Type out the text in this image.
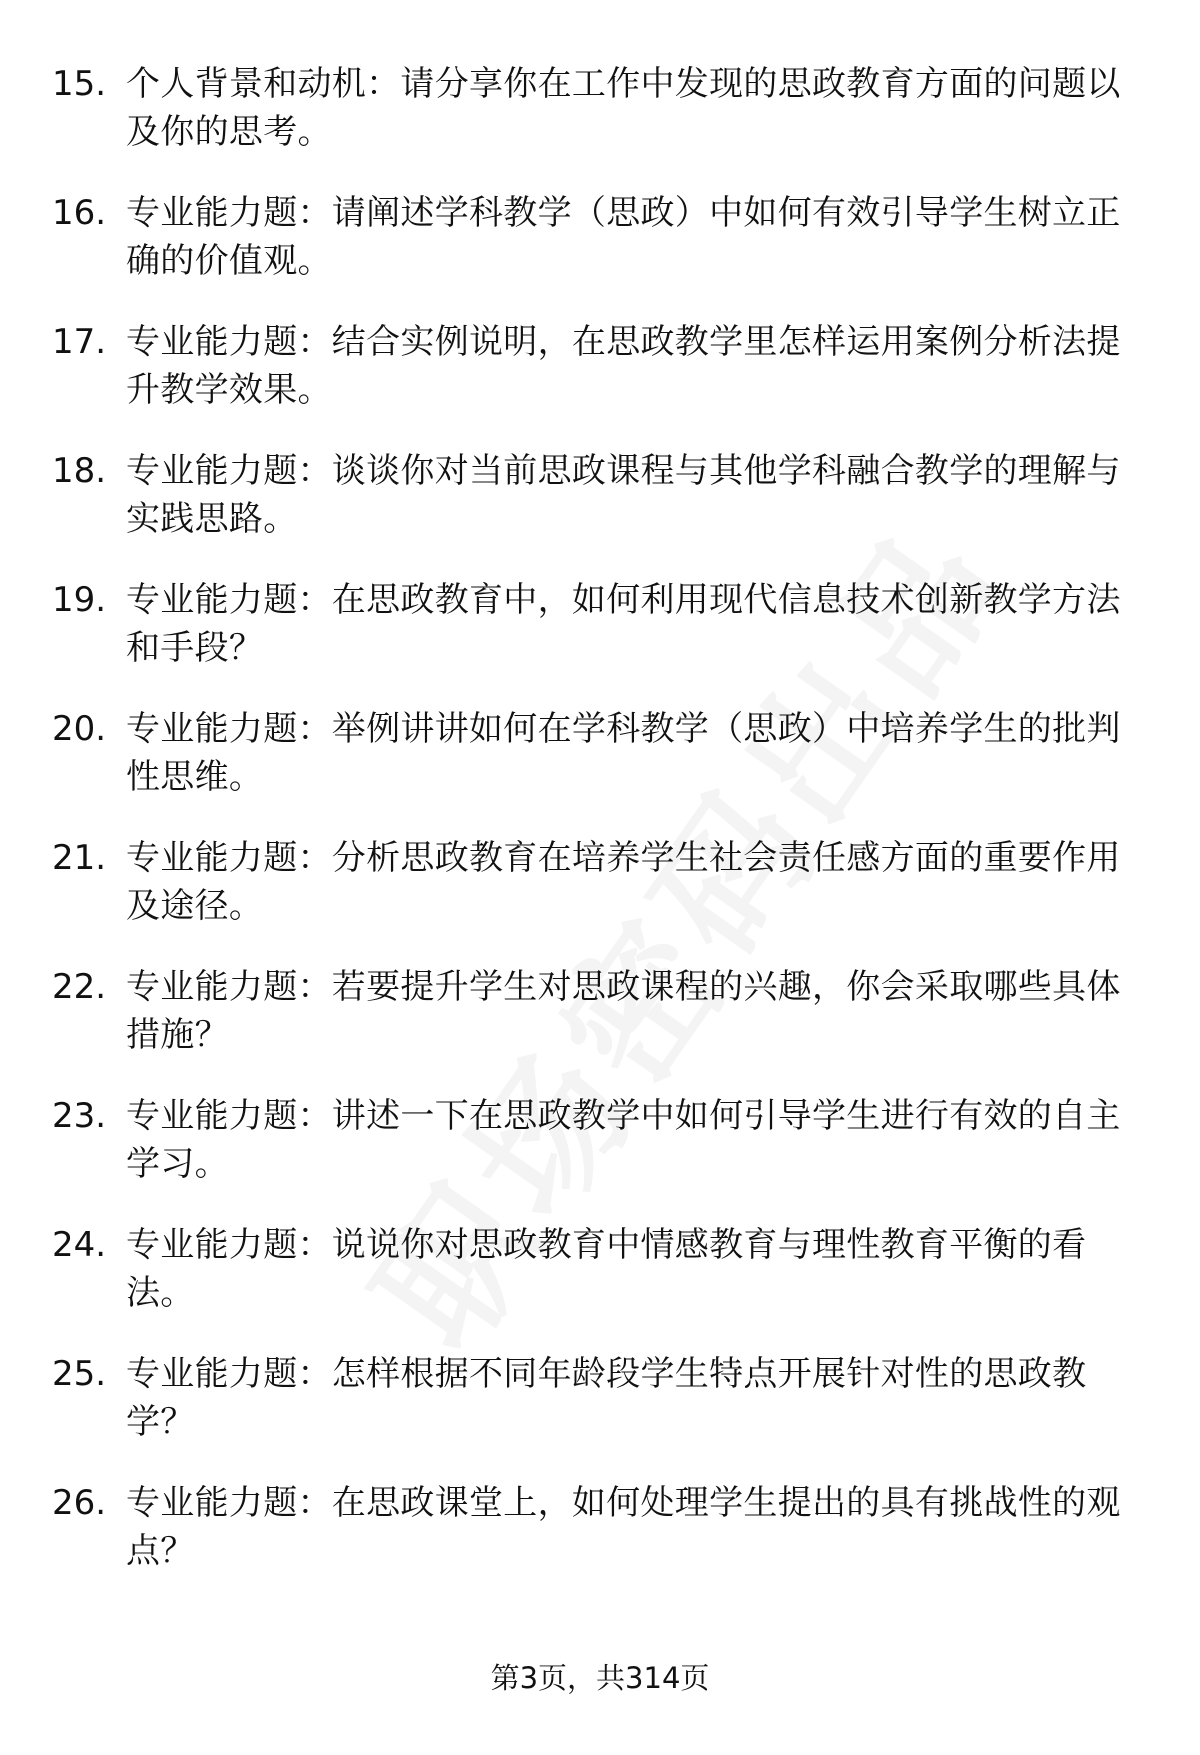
15. 个人背景和动机：请分享你在工作中发现的思政教育方面的问题以及你的思考。
16. 专业能力题：请阐述学科教学（思政）中如何有效引导学生树立正确的价值观。
17. 专业能力题：结合实例说明，在思政教学里怎样运用案例分析法提升教学效果。
18. 专业能力题：谈谈你对当前思政课程与其他学科融合教学的理解与实践思路。
19. 专业能力题：在思政教育中，如何利用现代信息技术创新教学方法和手段？
20. 专业能力题：举例讲讲如何在学科教学（思政）中培养学生的批判性思维。
21. 专业能力题：分析思政教育在培养学生社会责任感方面的重要作用及途径。
22. 专业能力题：若要提升学生对思政课程的兴趣，你会采取哪些具体措施？
23. 专业能力题：讲述一下在思政教学中如何引导学生进行有效的自主学习。
24. 专业能力题：说说你对思政教育中情感教育与理性教育平衡的看法。
25. 专业能力题：怎样根据不同年龄段学生特点开展针对性的思政教学？
26. 专业能力题：在思政课堂上，如何处理学生提出的具有挑战性的观点？
第3页，共314页
